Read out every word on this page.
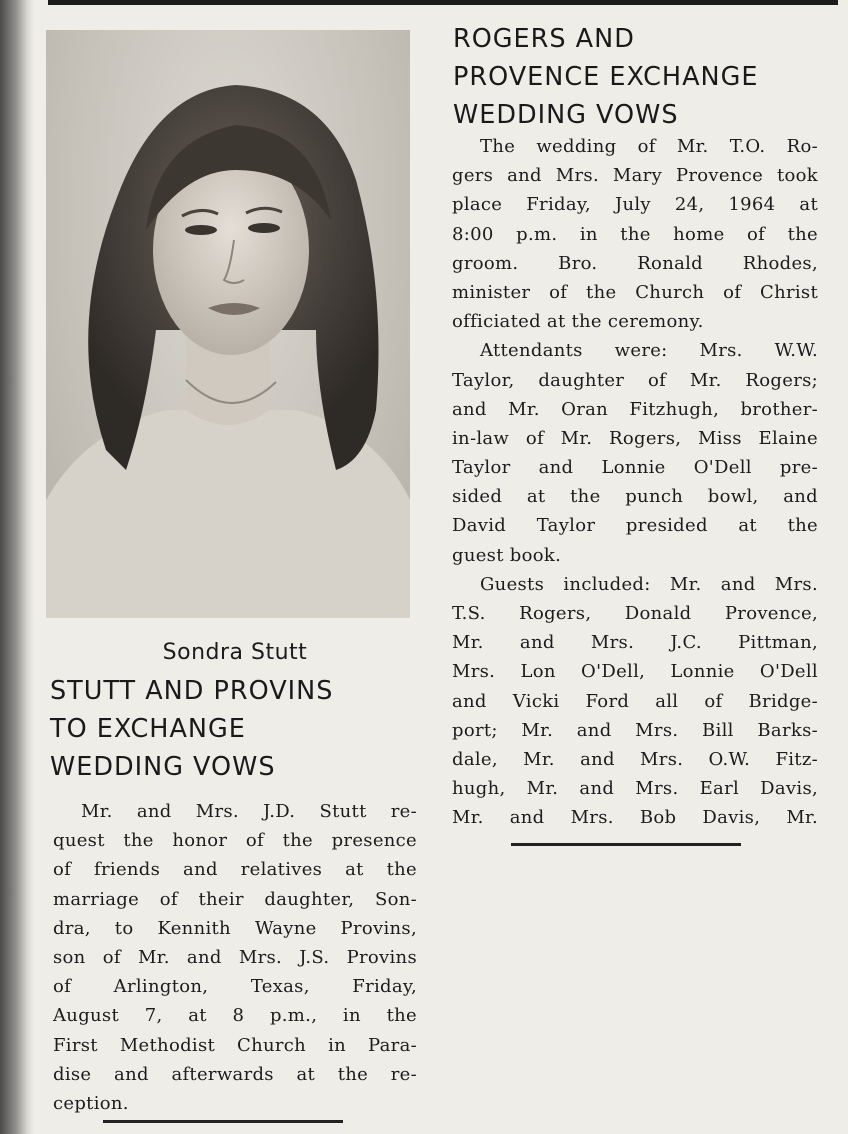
Sondra Stutt
STUTT AND PROVINS
TO EXCHANGE
WEDDING VOWS
Mr. and Mrs. J.D. Stutt re-
quest the honor of the presence
of friends and relatives at the
marriage of their daughter, Son-
dra, to Kennith Wayne Provins,
son of Mr. and Mrs. J.S. Provins
of Arlington, Texas, Friday,
August 7, at 8 p.m., in the
First Methodist Church in Para-
dise and afterwards at the re-
ception.
ROGERS AND
PROVENCE EXCHANGE
WEDDING VOWS
The wedding of Mr. T.O. Ro-
gers and Mrs. Mary Provence took
place Friday, July 24, 1964 at
8:00 p.m. in the home of the
groom. Bro. Ronald Rhodes,
minister of the Church of Christ
officiated at the ceremony.
Attendants were: Mrs. W.W.
Taylor, daughter of Mr. Rogers;
and Mr. Oran Fitzhugh, brother-
in-law of Mr. Rogers, Miss Elaine
Taylor and Lonnie O'Dell pre-
sided at the punch bowl, and
David Taylor presided at the
guest book.
Guests included: Mr. and Mrs.
T.S. Rogers, Donald Provence,
Mr. and Mrs. J.C. Pittman,
Mrs. Lon O'Dell, Lonnie O'Dell
and Vicki Ford all of Bridge-
port; Mr. and Mrs. Bill Barks-
dale, Mr. and Mrs. O.W. Fitz-
hugh, Mr. and Mrs. Earl Davis,
Mr. and Mrs. Bob Davis, Mr.
